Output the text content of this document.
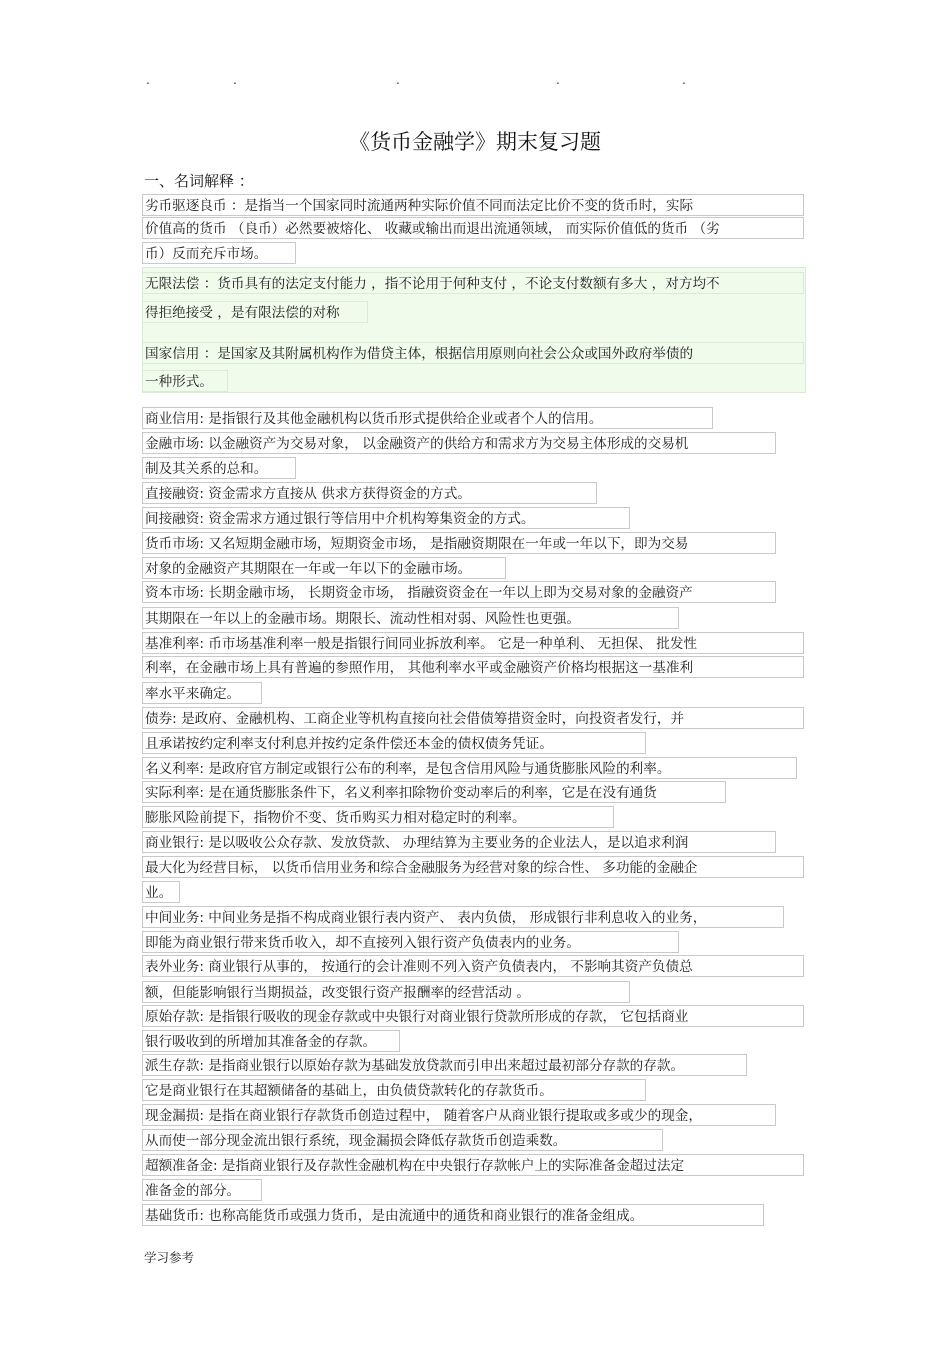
.	.	.	.	.
《货币金融学》期末复习题
一、名词解释 ：
劣币驱逐良币 ：是指当一个国家同时流通两种实际价值不同而法定比价不变的货币时，实际
价值高的货币 （良币）必然要被熔化、 收藏或输出而退出流通领域， 而实际价值低的货币 （劣
币）反而充斥市场。
无限法偿 ：货币具有的法定支付能力 ，指不论用于何种支付 ，不论支付数额有多大 ，对方均不
得拒绝接受 ，是有限法偿的对称
国家信用 ：是国家及其附属机构作为借贷主体，根据信用原则向社会公众或国外政府举债的
一种形式。
商业信用: 是指银行及其他金融机构以货币形式提供给企业或者个人的信用。
金融市场: 以金融资产为交易对象， 以金融资产的供给方和需求方为交易主体形成的交易机
制及其关系的总和。
直接融资: 资金需求方直接从 供求方获得资金的方式。
间接融资: 资金需求方通过银行等信用中介机构筹集资金的方式。
货币市场: 又名短期金融市场，短期资金市场， 是指融资期限在一年或一年以下，即为交易
对象的金融资产其期限在一年或一年以下的金融市场。
资本市场: 长期金融市场， 长期资金市场， 指融资资金在一年以上即为交易对象的金融资产
其期限在一年以上的金融市场。期限长、流动性相对弱、风险性也更强。
基准利率: 币市场基准利率一般是指银行间同业拆放利率。 它是一种单利、 无担保、 批发性
利率，在金融市场上具有普遍的参照作用， 其他利率水平或金融资产价格均根据这一基准利
率水平来确定。
债券: 是政府、金融机构、工商企业等机构直接向社会借债筹措资金时，向投资者发行，并
且承诺按约定利率支付利息并按约定条件偿还本金的债权债务凭证。
名义利率: 是政府官方制定或银行公布的利率，是包含信用风险与通货膨胀风险的利率。
实际利率: 是在通货膨胀条件下，名义利率扣除物价变动率后的利率，它是在没有通货
膨胀风险前提下，指物价不变、货币购买力相对稳定时的利率。
商业银行: 是以吸收公众存款、发放贷款、 办理结算为主要业务的企业法人，是以追求利润
最大化为经营目标， 以货币信用业务和综合金融服务为经营对象的综合性、 多功能的金融企
业。
中间业务: 中间业务是指不构成商业银行表内资产、 表内负债， 形成银行非利息收入的业务，
即能为商业银行带来货币收入，却不直接列入银行资产负债表内的业务。
表外业务: 商业银行从事的， 按通行的会计准则不列入资产负债表内， 不影响其资产负债总
额，但能影响银行当期损益，改变银行资产报酬率的经营活动 。
原始存款: 是指银行吸收的现金存款或中央银行对商业银行贷款所形成的存款， 它包括商业
银行吸收到的所增加其准备金的存款。
派生存款: 是指商业银行以原始存款为基础发放贷款而引申出来超过最初部分存款的存款。
它是商业银行在其超额储备的基础上，由负债贷款转化的存款货币。
现金漏损: 是指在商业银行存款货币创造过程中， 随着客户从商业银行提取或多或少的现金，
从而使一部分现金流出银行系统，现金漏损会降低存款货币创造乘数。
超额准备金: 是指商业银行及存款性金融机构在中央银行存款帐户上的实际准备金超过法定
准备金的部分。
基础货币: 也称高能货币或强力货币，是由流通中的通货和商业银行的准备金组成。
学习参考
